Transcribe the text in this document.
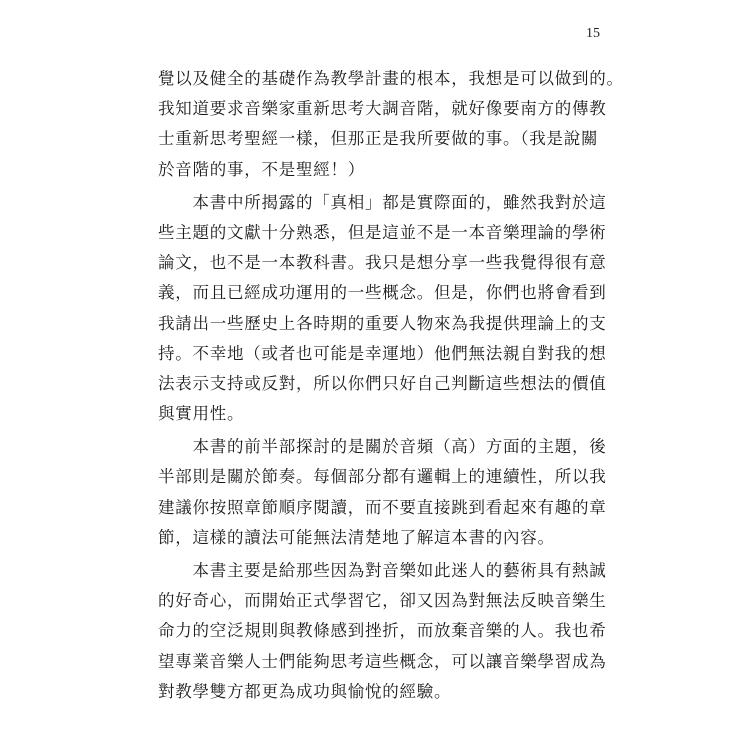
15
覺以及健全的基礎作為教學計畫的根本，我想是可以做到的。
我知道要求音樂家重新思考大調音階，就好像要南方的傳教
士重新思考聖經一樣，但那正是我所要做的事。（我是說關
於音階的事，不是聖經！）
　　本書中所揭露的「真相」都是實際面的，雖然我對於這
些主題的文獻十分熟悉，但是這並不是一本音樂理論的學術
論文，也不是一本教科書。我只是想分享一些我覺得很有意
義，而且已經成功運用的一些概念。但是，你們也將會看到
我請出一些歷史上各時期的重要人物來為我提供理論上的支
持。不幸地（或者也可能是幸運地）他們無法親自對我的想
法表示支持或反對，所以你們只好自己判斷這些想法的價值
與實用性。
　　本書的前半部探討的是關於音頻（高）方面的主題，後
半部則是關於節奏。每個部分都有邏輯上的連續性，所以我
建議你按照章節順序閱讀，而不要直接跳到看起來有趣的章
節，這樣的讀法可能無法清楚地了解這本書的內容。
　　本書主要是給那些因為對音樂如此迷人的藝術具有熱誠
的好奇心，而開始正式學習它，卻又因為對無法反映音樂生
命力的空泛規則與教條感到挫折，而放棄音樂的人。我也希
望專業音樂人士們能夠思考這些概念，可以讓音樂學習成為
對教學雙方都更為成功與愉悅的經驗。
